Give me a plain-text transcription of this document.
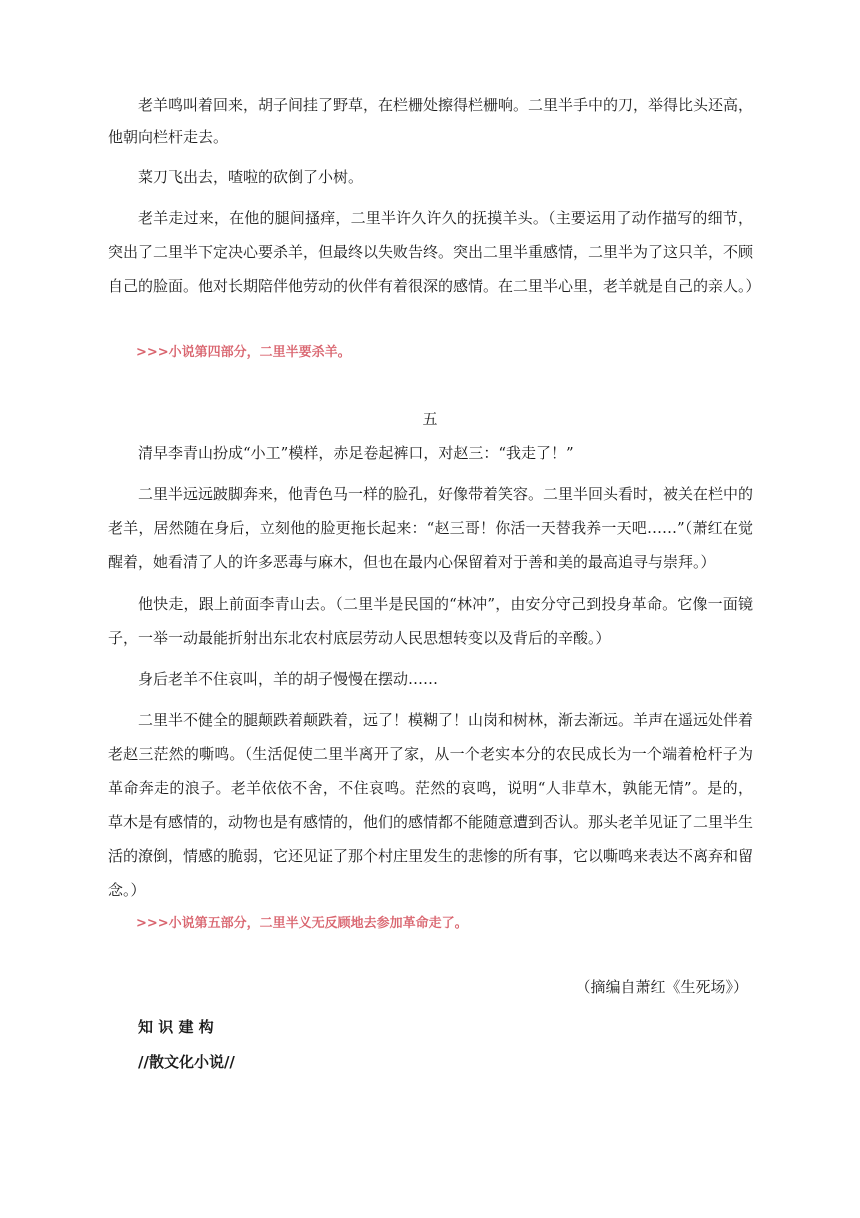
老羊鸣叫着回来，胡子间挂了野草，在栏栅处擦得栏栅响。二里半手中的刀，举得比头还高，他朝向栏杆走去。

菜刀飞出去，喳啦的砍倒了小树。

老羊走过来，在他的腿间搔痒，二里半许久许久的抚摸羊头。（主要运用了动作描写的细节，突出了二里半下定决心要杀羊，但最终以失败告终。突出二里半重感情，二里半为了这只羊，不顾自己的脸面。他对长期陪伴他劳动的伙伴有着很深的感情。在二里半心里，老羊就是自己的亲人。）

>>>小说第四部分，二里半要杀羊。
五

清早李青山扮成“小工”模样，赤足卷起裤口，对赵三：“我走了！”

二里半远远跛脚奔来，他青色马一样的脸孔，好像带着笑容。二里半回头看时，被关在栏中的老羊，居然随在身后，立刻他的脸更拖长起来：“赵三哥！你活一天替我养一天吧……”（萧红在觉醒着，她看清了人的许多恶毒与麻木，但也在最内心保留着对于善和美的最高追寻与崇拜。）

他快走，跟上前面李青山去。（二里半是民国的“林冲”，由安分守己到投身革命。它像一面镜子，一举一动最能折射出东北农村底层劳动人民思想转变以及背后的辛酸。）

身后老羊不住哀叫，羊的胡子慢慢在摆动……

二里半不健全的腿颠跌着颠跌着，远了！模糊了！山岗和树林，渐去渐远。羊声在遥远处伴着老赵三茫然的嘶鸣。（生活促使二里半离开了家，从一个老实本分的农民成长为一个端着枪杆子为革命奔走的浪子。老羊依依不舍，不住哀鸣。茫然的哀鸣，说明“人非草木，孰能无情”。是的，草木是有感情的，动物也是有感情的，他们的感情都不能随意遭到否认。那头老羊见证了二里半生活的潦倒，情感的脆弱，它还见证了那个村庄里发生的悲惨的所有事，它以嘶鸣来表达不离弃和留念。）

>>>小说第五部分，二里半义无反顾地去参加革命走了。
（摘编自萧红《生死场》）
知 识 建 构
//散文化小说//
